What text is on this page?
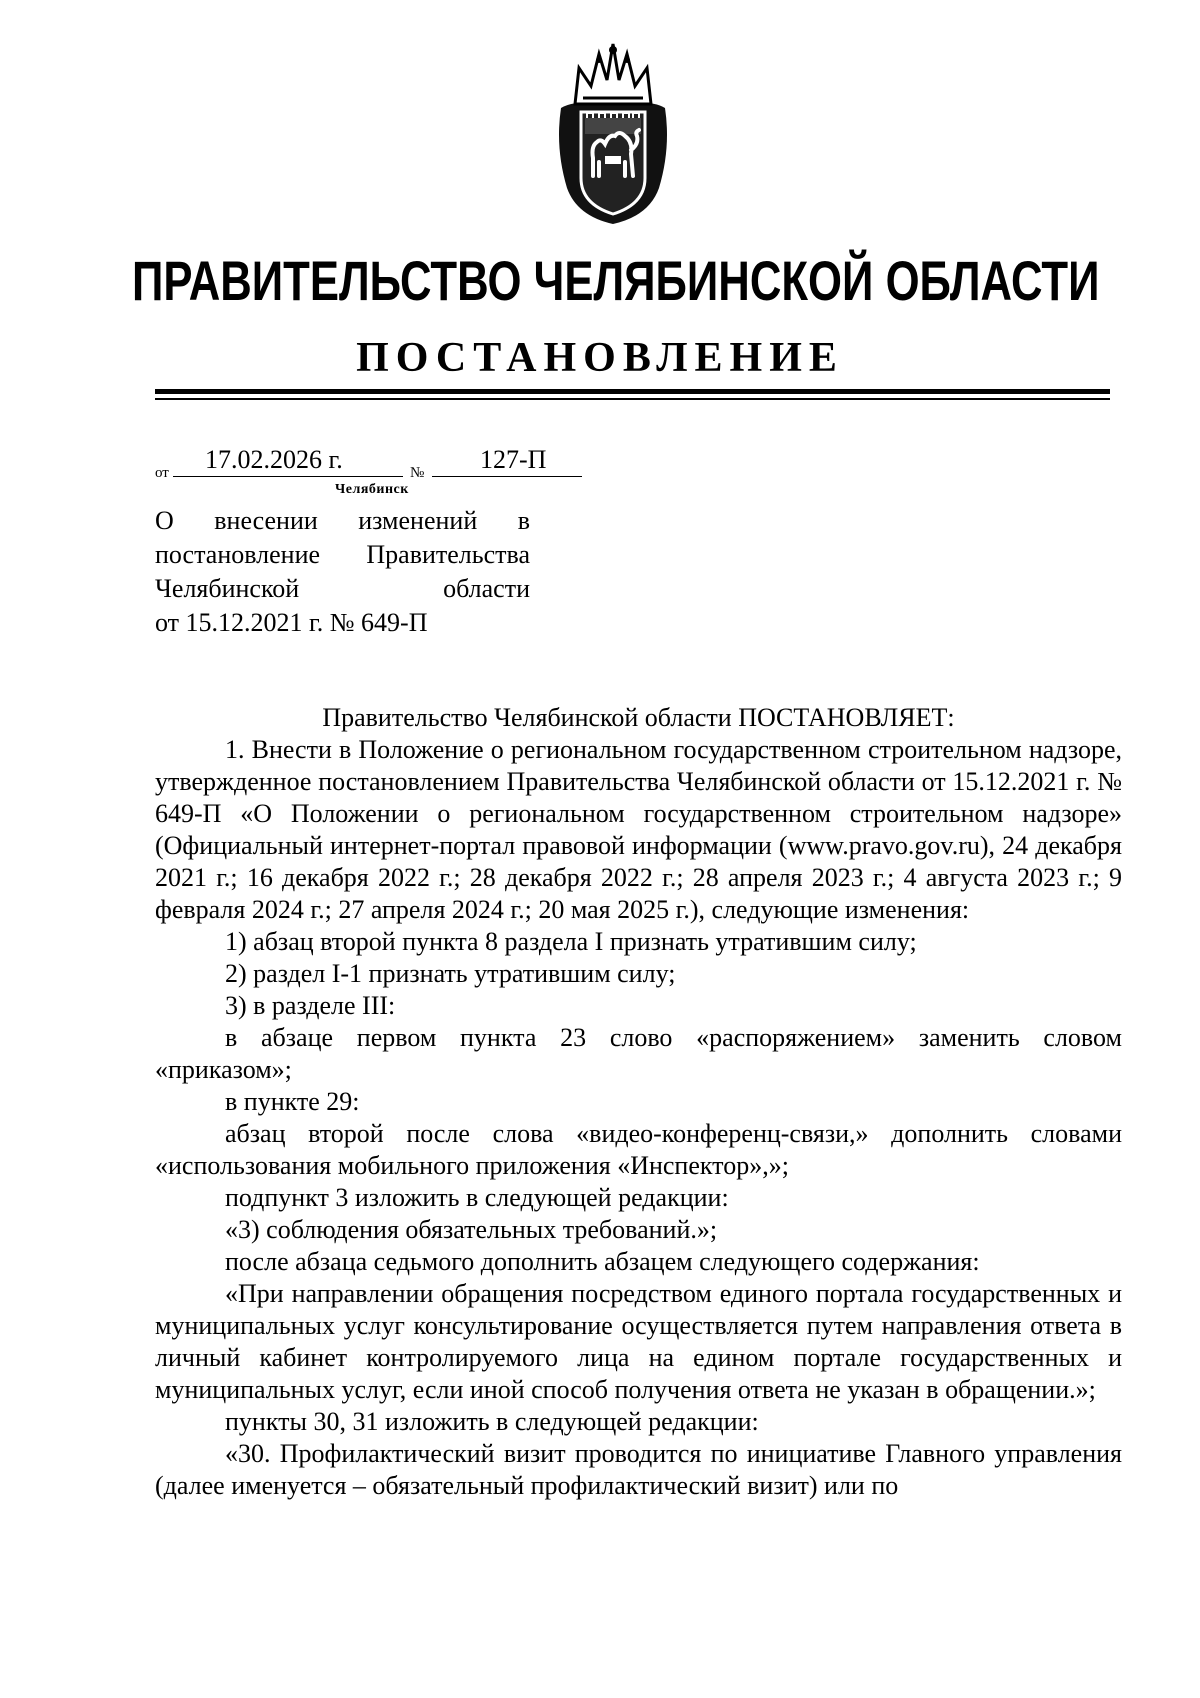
ПРАВИТЕЛЬСТВО ЧЕЛЯБИНСКОЙ ОБЛАСТИ
ПОСТАНОВЛЕНИЕ
от 17.02.2026 г.	№ 127-П
Челябинск
О внесении изменений в
постановление Правительства
Челябинской области
от 15.12.2021 г. № 649-П

Правительство Челябинской области ПОСТАНОВЛЯЕТ:

1. Внести в Положение о региональном государственном строительном надзоре, утвержденное постановлением Правительства Челябинской области от 15.12.2021 г. № 649-П «О Положении о региональном государственном строительном надзоре» (Официальный интернет-портал правовой информации (www.pravo.gov.ru), 24 декабря 2021 г.; 16 декабря 2022 г.; 28 декабря 2022 г.; 28 апреля 2023 г.; 4 августа 2023 г.; 9 февраля 2024 г.; 27 апреля 2024 г.; 20 мая 2025 г.), следующие изменения:

1) абзац второй пункта 8 раздела I признать утратившим силу;

2) раздел I-1 признать утратившим силу;

3) в разделе III:

в абзаце первом пункта 23 слово «распоряжением» заменить словом «приказом»;

в пункте 29:

абзац второй после слова «видео-конференц-связи,» дополнить словами «использования мобильного приложения «Инспектор»,»;

подпункт 3 изложить в следующей редакции:

«3) соблюдения обязательных требований.»;

после абзаца седьмого дополнить абзацем следующего содержания:

«При направлении обращения посредством единого портала государственных и муниципальных услуг консультирование осуществляется путем направления ответа в личный кабинет контролируемого лица на едином портале государственных и муниципальных услуг, если иной способ получения ответа не указан в обращении.»;

пункты 30, 31 изложить в следующей редакции:

«30. Профилактический визит проводится по инициативе Главного управления (далее именуется – обязательный профилактический визит) или по
